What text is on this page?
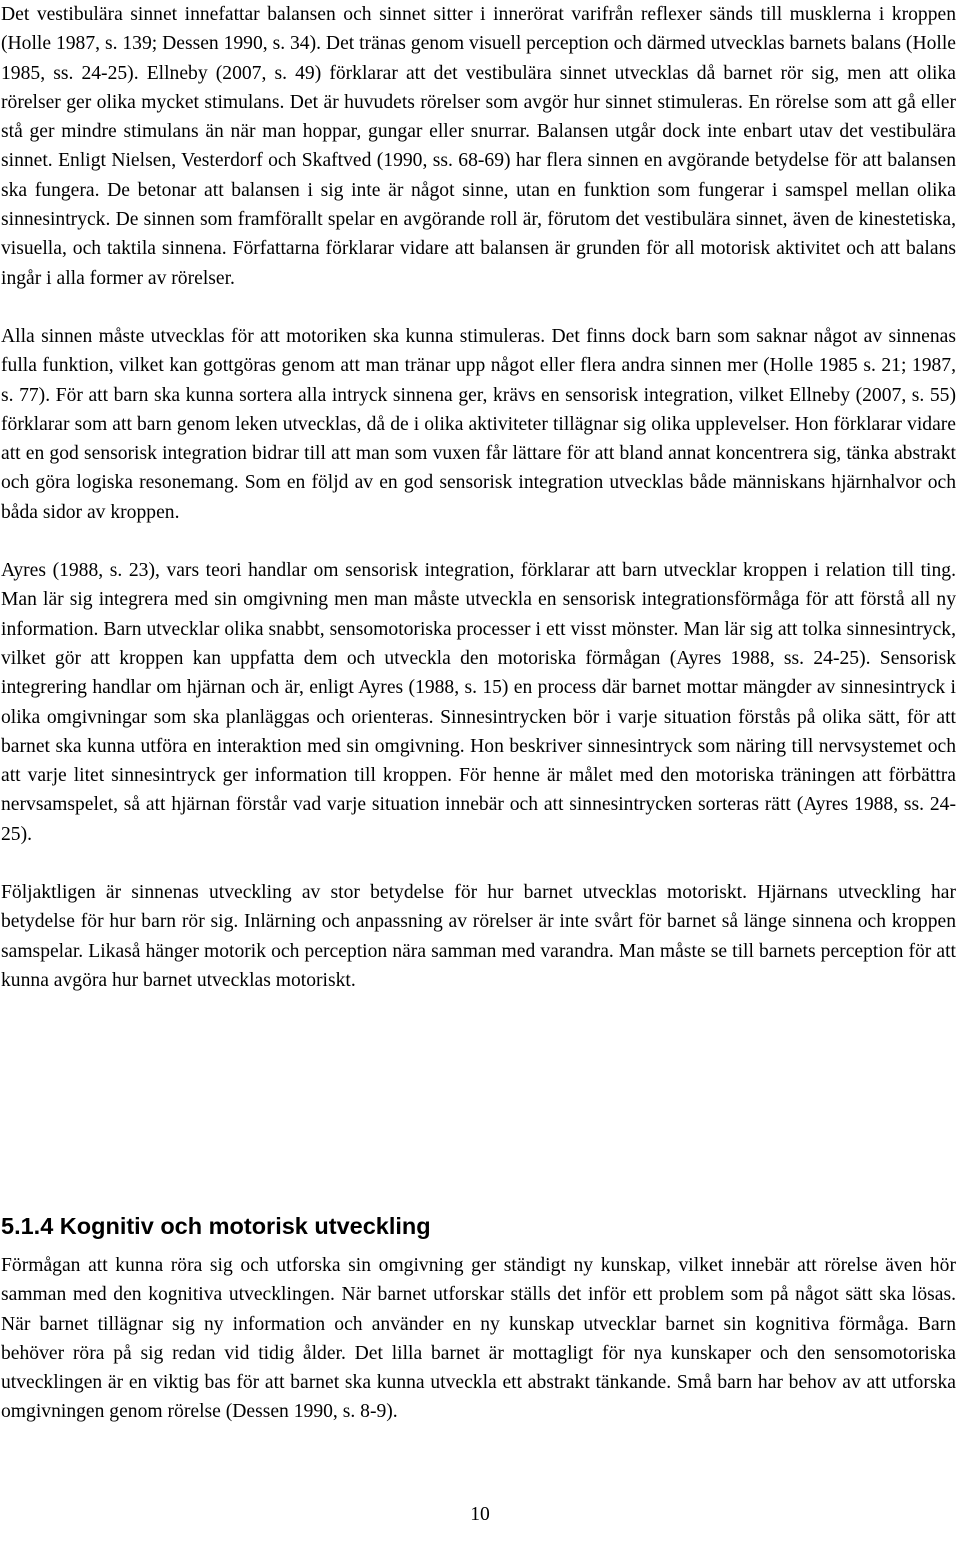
Det vestibulära sinnet innefattar balansen och sinnet sitter i innerörat varifrån reflexer sänds till musklerna i kroppen (Holle 1987, s. 139; Dessen 1990, s. 34). Det tränas genom visuell perception och därmed utvecklas barnets balans (Holle 1985, ss. 24-25). Ellneby (2007, s. 49) förklarar att det vestibulära sinnet utvecklas då barnet rör sig, men att olika rörelser ger olika mycket stimulans. Det är huvudets rörelser som avgör hur sinnet stimuleras. En rörelse som att gå eller stå ger mindre stimulans än när man hoppar, gungar eller snurrar. Balansen utgår dock inte enbart utav det vestibulära sinnet. Enligt Nielsen, Vesterdorf och Skaftved (1990, ss. 68-69) har flera sinnen en avgörande betydelse för att balansen ska fungera. De betonar att balansen i sig inte är något sinne, utan en funktion som fungerar i samspel mellan olika sinnesintryck. De sinnen som framförallt spelar en avgörande roll är, förutom det vestibulära sinnet, även de kinestetiska, visuella, och taktila sinnena. Författarna förklarar vidare att balansen är grunden för all motorisk aktivitet och att balans ingår i alla former av rörelser.

Alla sinnen måste utvecklas för att motoriken ska kunna stimuleras. Det finns dock barn som saknar något av sinnenas fulla funktion, vilket kan gottgöras genom att man tränar upp något eller flera andra sinnen mer (Holle 1985 s. 21; 1987, s. 77). För att barn ska kunna sortera alla intryck sinnena ger, krävs en sensorisk integration, vilket Ellneby (2007, s. 55) förklarar som att barn genom leken utvecklas, då de i olika aktiviteter tillägnar sig olika upplevelser. Hon förklarar vidare att en god sensorisk integration bidrar till att man som vuxen får lättare för att bland annat koncentrera sig, tänka abstrakt och göra logiska resonemang. Som en följd av en god sensorisk integration utvecklas både människans hjärnhalvor och båda sidor av kroppen.

Ayres (1988, s. 23), vars teori handlar om sensorisk integration, förklarar att barn utvecklar kroppen i relation till ting. Man lär sig integrera med sin omgivning men man måste utveckla en sensorisk integrationsförmåga för att förstå all ny information. Barn utvecklar olika snabbt, sensomotoriska processer i ett visst mönster. Man lär sig att tolka sinnesintryck, vilket gör att kroppen kan uppfatta dem och utveckla den motoriska förmågan (Ayres 1988, ss. 24-25). Sensorisk integrering handlar om hjärnan och är, enligt Ayres (1988, s. 15) en process där barnet mottar mängder av sinnesintryck i olika omgivningar som ska planläggas och orienteras. Sinnesintrycken bör i varje situation förstås på olika sätt, för att barnet ska kunna utföra en interaktion med sin omgivning. Hon beskriver sinnesintryck som näring till nervsystemet och att varje litet sinnesintryck ger information till kroppen. För henne är målet med den motoriska träningen att förbättra nervsamspelet, så att hjärnan förstår vad varje situation innebär och att sinnesintrycken sorteras rätt (Ayres 1988, ss. 24-25).

Följaktligen är sinnenas utveckling av stor betydelse för hur barnet utvecklas motoriskt. Hjärnans utveckling har betydelse för hur barn rör sig. Inlärning och anpassning av rörelser är inte svårt för barnet så länge sinnena och kroppen samspelar. Likaså hänger motorik och perception nära samman med varandra. Man måste se till barnets perception för att kunna avgöra hur barnet utvecklas motoriskt.

5.1.4 Kognitiv och motorisk utveckling

Förmågan att kunna röra sig och utforska sin omgivning ger ständigt ny kunskap, vilket innebär att rörelse även hör samman med den kognitiva utvecklingen. När barnet utforskar ställs det inför ett problem som på något sätt ska lösas. När barnet tillägnar sig ny information och använder en ny kunskap utvecklar barnet sin kognitiva förmåga. Barn behöver röra på sig redan vid tidig ålder. Det lilla barnet är mottagligt för nya kunskaper och den sensomotoriska utvecklingen är en viktig bas för att barnet ska kunna utveckla ett abstrakt tänkande. Små barn har behov av att utforska omgivningen genom rörelse (Dessen 1990, s. 8-9).

10
